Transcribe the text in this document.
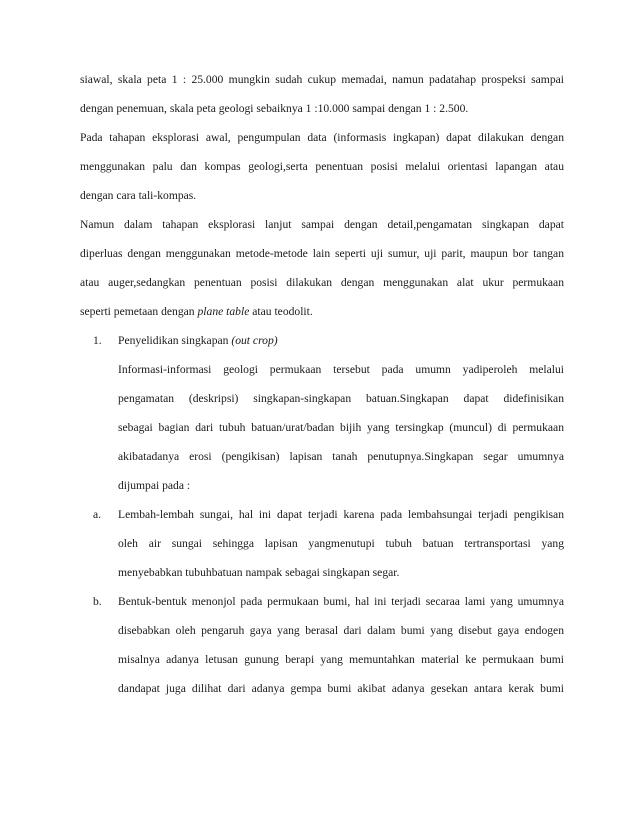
siawal, skala peta 1 : 25.000 mungkin sudah cukup memadai, namun padatahap prospeksi sampai
dengan penemuan, skala peta geologi sebaiknya 1 :10.000 sampai dengan 1 : 2.500.
Pada tahapan eksplorasi awal, pengumpulan data (informasis ingkapan) dapat dilakukan dengan
menggunakan palu dan kompas geologi,serta penentuan posisi melalui orientasi lapangan atau
dengan cara tali-kompas.
Namun dalam tahapan eksplorasi lanjut sampai dengan detail,pengamatan singkapan dapat
diperluas dengan menggunakan metode-metode lain seperti uji sumur, uji parit, maupun bor tangan
atau auger,sedangkan penentuan posisi dilakukan dengan menggunakan alat ukur permukaan
seperti pemetaan dengan plane table atau teodolit.
1. Penyelidikan singkapan (out crop)
Informasi-informasi geologi permukaan tersebut pada umumn yadiperoleh melalui
pengamatan (deskripsi) singkapan-singkapan batuan.Singkapan dapat didefinisikan
sebagai bagian dari tubuh batuan/urat/badan bijih yang tersingkap (muncul) di permukaan
akibatadanya erosi (pengikisan) lapisan tanah penutupnya.Singkapan segar umumnya
dijumpai pada :
a. Lembah-lembah sungai, hal ini dapat terjadi karena pada lembahsungai terjadi pengikisan
oleh air sungai sehingga lapisan yangmenutupi tubuh batuan tertransportasi yang
menyebabkan tubuhbatuan nampak sebagai singkapan segar.
b. Bentuk-bentuk menonjol pada permukaan bumi, hal ini terjadi secaraa lami yang umumnya
disebabkan oleh pengaruh gaya yang berasal dari dalam bumi yang disebut gaya endogen
misalnya adanya letusan gunung berapi yang memuntahkan material ke permukaan bumi
dandapat juga dilihat dari adanya gempa bumi akibat adanya gesekan antara kerak bumi
